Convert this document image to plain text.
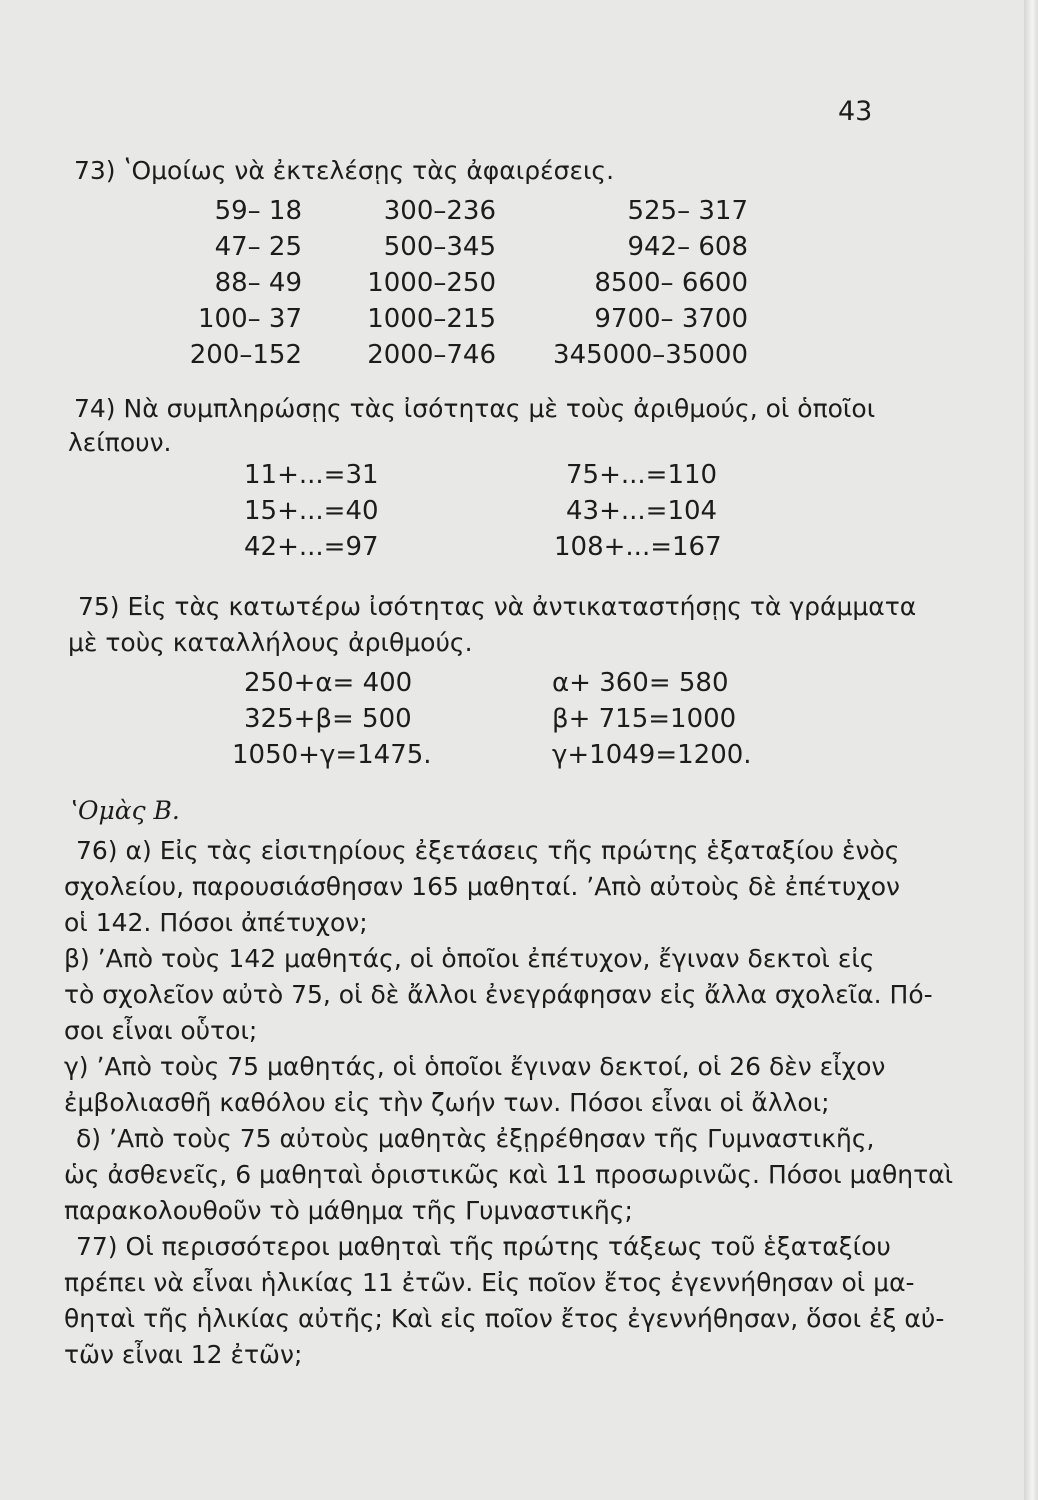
43
73) ʽΟμοίως νὰ ἐκτελέσῃς τὰς ἀφαιρέσεις.
59– 18
47– 25
88– 49
100– 37
200–152
300–236
500–345
1000–250
1000–215
2000–746
525– 317
942– 608
8500– 6600
9700– 3700
345000–35000
74) Νὰ συμπληρώσῃς τὰς ἰσότητας μὲ τοὺς ἀριθμούς, οἱ ὁποῖοι
λείπουν.
11+...=31
15+...=40
42+...=97
75+...=110
43+...=104
108+...=167
75) Εἰς τὰς κατωτέρω ἰσότητας νὰ ἀντικαταστήσῃς τὰ γράμματα
μὲ τοὺς καταλλήλους ἀριθμούς.
250+α= 400
325+β= 500
1050+γ=1475.
α+ 360= 580
β+ 715=1000
γ+1049=1200.
ʽΟμὰς Β.
76) α) Εἰς τὰς εἰσιτηρίους ἐξετάσεις τῆς πρώτης ἑξαταξίου ἑνὸς
σχολείου, παρουσιάσθησαν 165 μαθηταί. ʼΑπὸ αὐτοὺς δὲ ἐπέτυχον
οἱ 142. Πόσοι ἀπέτυχον;
β) ʼΑπὸ τοὺς 142 μαθητάς, οἱ ὁποῖοι ἐπέτυχον, ἔγιναν δεκτοὶ εἰς
τὸ σχολεῖον αὐτὸ 75, οἱ δὲ ἄλλοι ἐνεγράφησαν εἰς ἄλλα σχολεῖα. Πό-
σοι εἶναι οὗτοι;
γ) ʼΑπὸ τοὺς 75 μαθητάς, οἱ ὁποῖοι ἔγιναν δεκτοί, οἱ 26 δὲν εἶχον
ἐμβολιασθῆ καθόλου εἰς τὴν ζωήν των. Πόσοι εἶναι οἱ ἄλλοι;
δ) ʼΑπὸ τοὺς 75 αὐτοὺς μαθητὰς ἐξῃρέθησαν τῆς Γυμναστικῆς,
ὡς ἀσθενεῖς, 6 μαθηταὶ ὁριστικῶς καὶ 11 προσωρινῶς. Πόσοι μαθηταὶ
παρακολουθοῦν τὸ μάθημα τῆς Γυμναστικῆς;
77) Οἱ περισσότεροι μαθηταὶ τῆς πρώτης τάξεως τοῦ ἑξαταξίου
πρέπει νὰ εἶναι ἡλικίας 11 ἐτῶν. Εἰς ποῖον ἔτος ἐγεννήθησαν οἱ μα-
θηταὶ τῆς ἡλικίας αὐτῆς; Καὶ εἰς ποῖον ἔτος ἐγεννήθησαν, ὅσοι ἐξ αὐ-
τῶν εἶναι 12 ἐτῶν;
